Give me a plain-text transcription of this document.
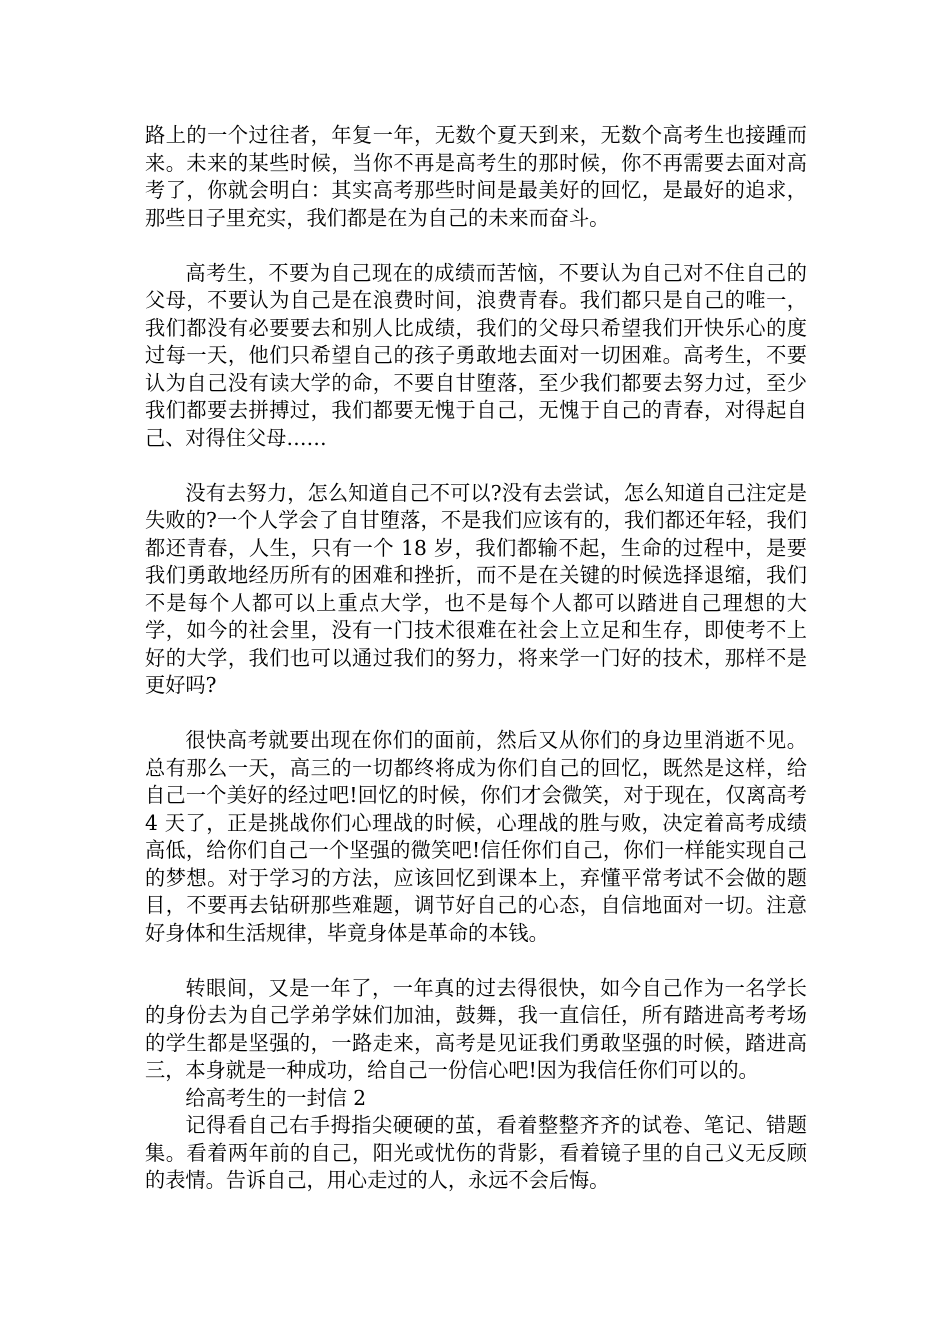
路上的一个过往者，年复一年，无数个夏天到来，无数个高考生也接踵而来。未来的某些时候，当你不再是高考生的那时候，你不再需要去面对高考了，你就会明白：其实高考那些时间是最美好的回忆，是最好的追求，那些日子里充实，我们都是在为自己的未来而奋斗。

高考生，不要为自己现在的成绩而苦恼，不要认为自己对不住自己的父母，不要认为自己是在浪费时间，浪费青春。我们都只是自己的唯一，我们都没有必要要去和别人比成绩，我们的父母只希望我们开快乐心的度过每一天，他们只希望自己的孩子勇敢地去面对一切困难。高考生，不要认为自己没有读大学的命，不要自甘堕落，至少我们都要去努力过，至少我们都要去拼搏过，我们都要无愧于自己，无愧于自己的青春，对得起自己、对得住父母……

没有去努力，怎么知道自己不可以?没有去尝试，怎么知道自己注定是失败的?一个人学会了自甘堕落，不是我们应该有的，我们都还年轻，我们都还青春，人生，只有一个 18 岁，我们都输不起，生命的过程中，是要我们勇敢地经历所有的困难和挫折，而不是在关键的时候选择退缩，我们不是每个人都可以上重点大学，也不是每个人都可以踏进自己理想的大学，如今的社会里，没有一门技术很难在社会上立足和生存，即使考不上好的大学，我们也可以通过我们的努力，将来学一门好的技术，那样不是更好吗?

很快高考就要出现在你们的面前，然后又从你们的身边里消逝不见。总有那么一天，高三的一切都终将成为你们自己的回忆，既然是这样，给自己一个美好的经过吧!回忆的时候，你们才会微笑，对于现在，仅离高考 4 天了，正是挑战你们心理战的时候，心理战的胜与败，决定着高考成绩高低，给你们自己一个坚强的微笑吧!信任你们自己，你们一样能实现自己的梦想。对于学习的方法，应该回忆到课本上，弃懂平常考试不会做的题目，不要再去钻研那些难题，调节好自己的心态，自信地面对一切。注意好身体和生活规律，毕竟身体是革命的本钱。

转眼间，又是一年了，一年真的过去得很快，如今自己作为一名学长的身份去为自己学弟学妹们加油，鼓舞，我一直信任，所有踏进高考考场的学生都是坚强的，一路走来，高考是见证我们勇敢坚强的时候，踏进高三，本身就是一种成功，给自己一份信心吧!因为我信任你们可以的。

给高考生的一封信 2

记得看自己右手拇指尖硬硬的茧，看着整整齐齐的试卷、笔记、错题集。看着两年前的自己，阳光或忧伤的背影，看着镜子里的自己义无反顾的表情。告诉自己，用心走过的人，永远不会后悔。
